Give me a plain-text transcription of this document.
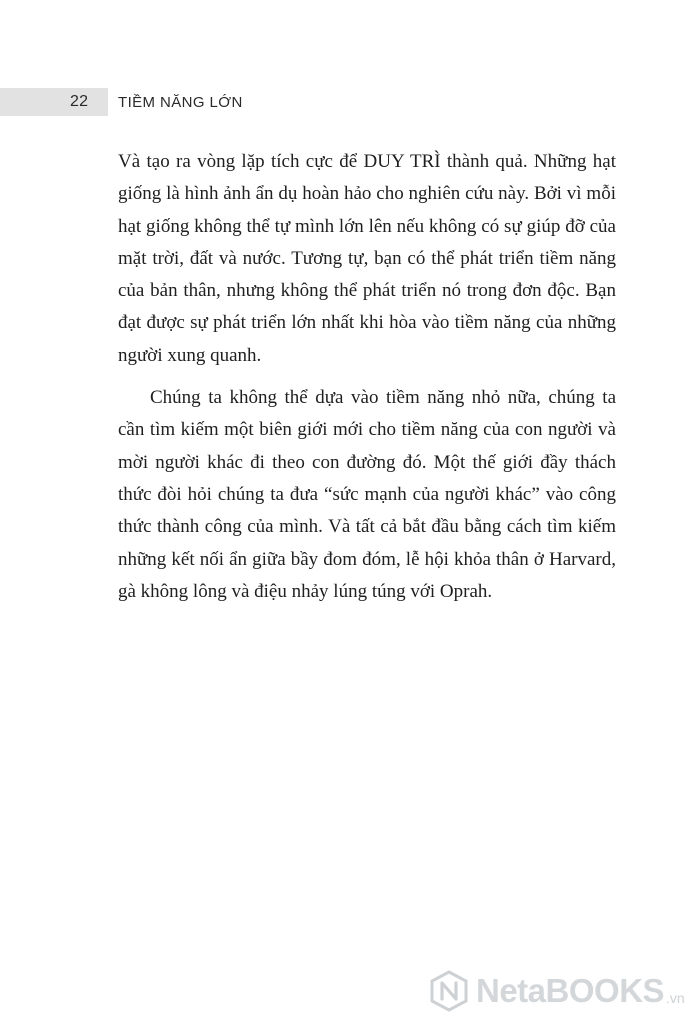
22 TIỀM NĂNG LỚN

Và tạo ra vòng lặp tích cực để DUY TRÌ thành quả. Những hạt giống là hình ảnh ẩn dụ hoàn hảo cho nghiên cứu này. Bởi vì mỗi hạt giống không thể tự mình lớn lên nếu không có sự giúp đỡ của mặt trời, đất và nước. Tương tự, bạn có thể phát triển tiềm năng của bản thân, nhưng không thể phát triển nó trong đơn độc. Bạn đạt được sự phát triển lớn nhất khi hòa vào tiềm năng của những người xung quanh.

Chúng ta không thể dựa vào tiềm năng nhỏ nữa, chúng ta cần tìm kiếm một biên giới mới cho tiềm năng của con người và mời người khác đi theo con đường đó. Một thế giới đầy thách thức đòi hỏi chúng ta đưa “sức mạnh của người khác” vào công thức thành công của mình. Và tất cả bắt đầu bằng cách tìm kiếm những kết nối ẩn giữa bầy đom đóm, lễ hội khỏa thân ở Harvard, gà không lông và điệu nhảy lúng túng với Oprah.

NetaBOOKS .vn
